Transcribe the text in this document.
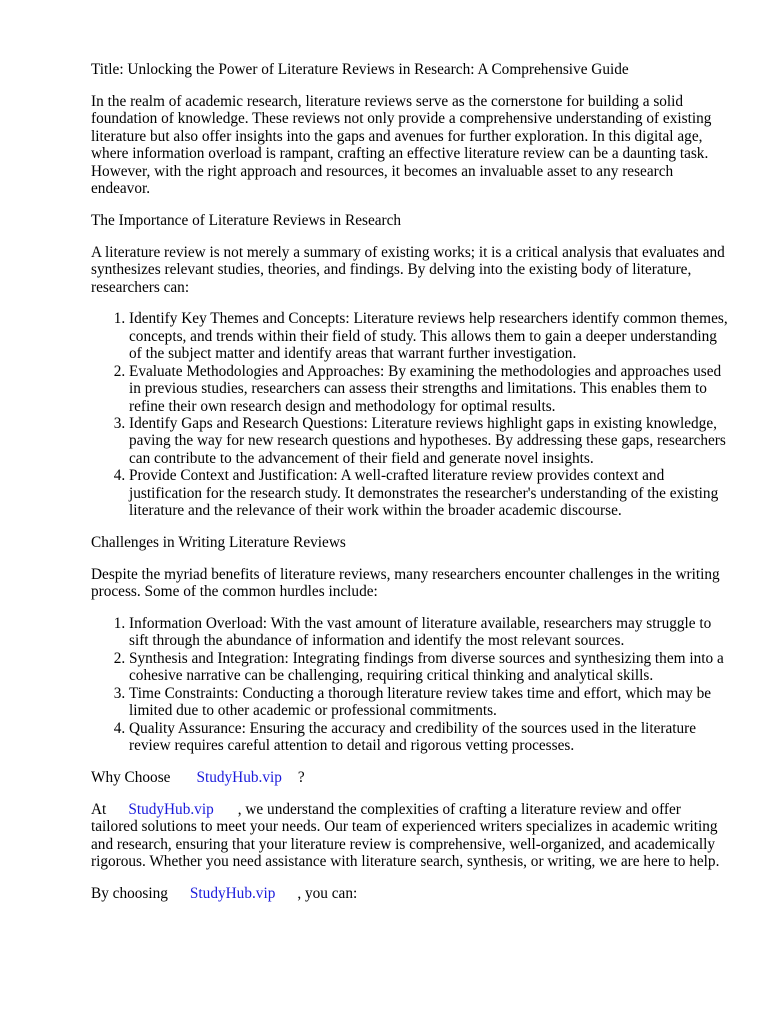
Title: Unlocking the Power of Literature Reviews in Research: A Comprehensive Guide

In the realm of academic research, literature reviews serve as the cornerstone for building a solid foundation of knowledge. These reviews not only provide a comprehensive understanding of existing literature but also offer insights into the gaps and avenues for further exploration. In this digital age, where information overload is rampant, crafting an effective literature review can be a daunting task. However, with the right approach and resources, it becomes an invaluable asset to any research endeavor.

The Importance of Literature Reviews in Research

A literature review is not merely a summary of existing works; it is a critical analysis that evaluates and synthesizes relevant studies, theories, and findings. By delving into the existing body of literature, researchers can:

1. Identify Key Themes and Concepts: Literature reviews help researchers identify common themes, concepts, and trends within their field of study. This allows them to gain a deeper understanding of the subject matter and identify areas that warrant further investigation.
2. Evaluate Methodologies and Approaches: By examining the methodologies and approaches used in previous studies, researchers can assess their strengths and limitations. This enables them to refine their own research design and methodology for optimal results.
3. Identify Gaps and Research Questions: Literature reviews highlight gaps in existing knowledge, paving the way for new research questions and hypotheses. By addressing these gaps, researchers can contribute to the advancement of their field and generate novel insights.
4. Provide Context and Justification: A well-crafted literature review provides context and justification for the research study. It demonstrates the researcher's understanding of the existing literature and the relevance of their work within the broader academic discourse.

Challenges in Writing Literature Reviews

Despite the myriad benefits of literature reviews, many researchers encounter challenges in the writing process. Some of the common hurdles include:

1. Information Overload: With the vast amount of literature available, researchers may struggle to sift through the abundance of information and identify the most relevant sources.
2. Synthesis and Integration: Integrating findings from diverse sources and synthesizing them into a cohesive narrative can be challenging, requiring critical thinking and analytical skills.
3. Time Constraints: Conducting a thorough literature review takes time and effort, which may be limited due to other academic or professional commitments.
4. Quality Assurance: Ensuring the accuracy and credibility of the sources used in the literature review requires careful attention to detail and rigorous vetting processes.

Why Choose StudyHub.vip ?

At StudyHub.vip , we understand the complexities of crafting a literature review and offer tailored solutions to meet your needs. Our team of experienced writers specializes in academic writing and research, ensuring that your literature review is comprehensive, well-organized, and academically rigorous. Whether you need assistance with literature search, synthesis, or writing, we are here to help.

By choosing StudyHub.vip , you can:
